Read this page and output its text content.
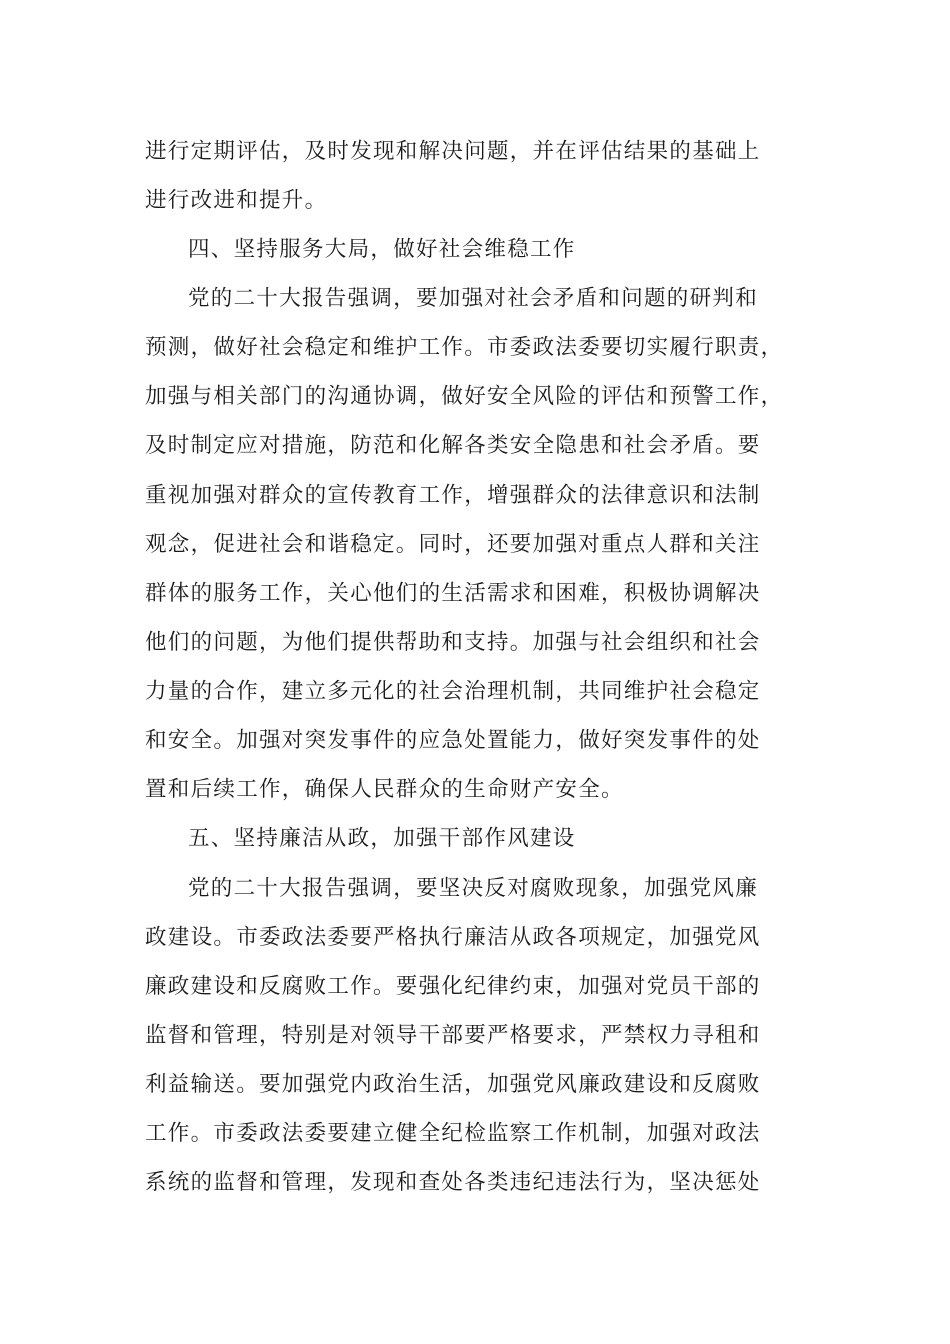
进行定期评估，及时发现和解决问题，并在评估结果的基础上
进行改进和提升。
四、坚持服务大局，做好社会维稳工作
党的二十大报告强调，要加强对社会矛盾和问题的研判和
预测，做好社会稳定和维护工作。市委政法委要切实履行职责，
加强与相关部门的沟通协调，做好安全风险的评估和预警工作，
及时制定应对措施，防范和化解各类安全隐患和社会矛盾。要
重视加强对群众的宣传教育工作，增强群众的法律意识和法制
观念，促进社会和谐稳定。同时，还要加强对重点人群和关注
群体的服务工作，关心他们的生活需求和困难，积极协调解决
他们的问题，为他们提供帮助和支持。加强与社会组织和社会
力量的合作，建立多元化的社会治理机制，共同维护社会稳定
和安全。加强对突发事件的应急处置能力，做好突发事件的处
置和后续工作，确保人民群众的生命财产安全。
五、坚持廉洁从政，加强干部作风建设
党的二十大报告强调，要坚决反对腐败现象，加强党风廉
政建设。市委政法委要严格执行廉洁从政各项规定，加强党风
廉政建设和反腐败工作。要强化纪律约束，加强对党员干部的
监督和管理，特别是对领导干部要严格要求，严禁权力寻租和
利益输送。要加强党内政治生活，加强党风廉政建设和反腐败
工作。市委政法委要建立健全纪检监察工作机制，加强对政法
系统的监督和管理，发现和查处各类违纪违法行为，坚决惩处
